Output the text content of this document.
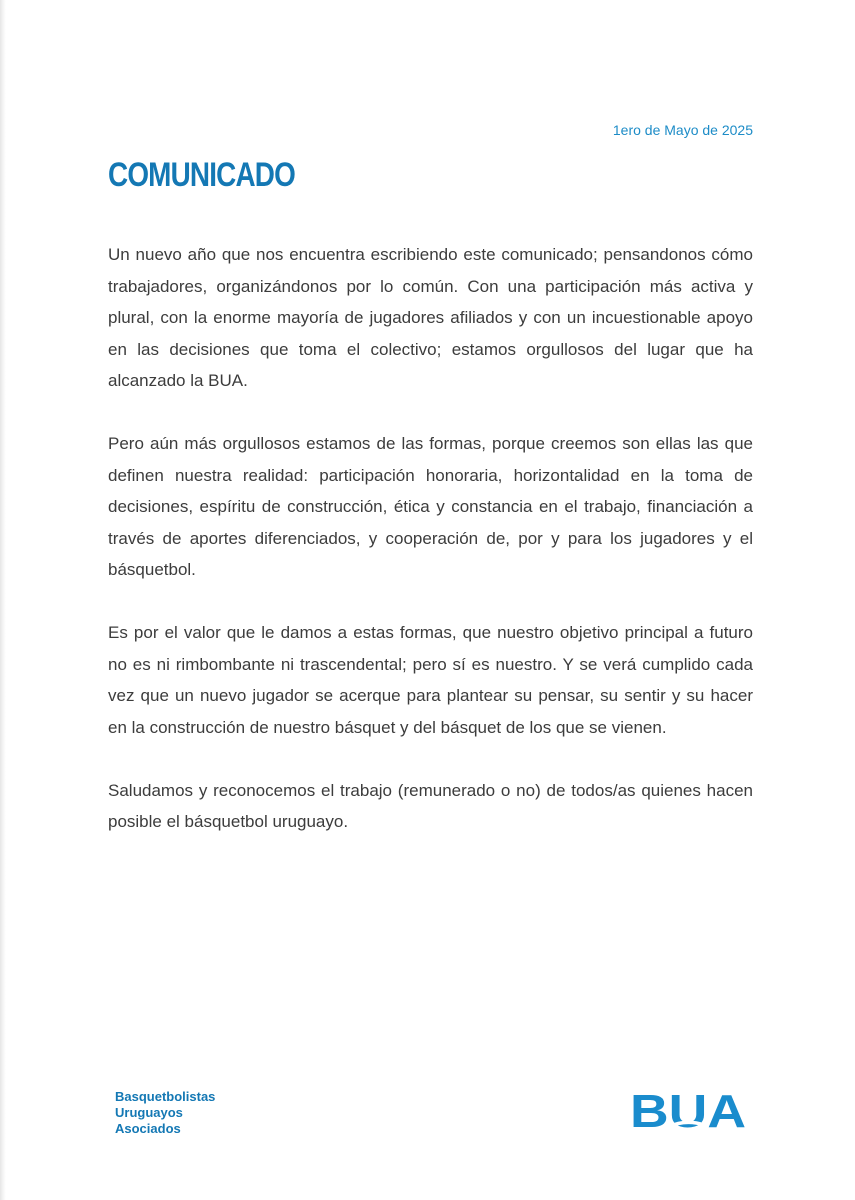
1ero de Mayo de 2025
COMUNICADO

Un nuevo año que nos encuentra escribiendo este comunicado; pensandonos cómo trabajadores, organizándonos por lo común. Con una participación más activa y plural, con la enorme mayoría de jugadores afiliados y con un incuestionable apoyo en las decisiones que toma el colectivo; estamos orgullosos del lugar que ha alcanzado la BUA.

Pero aún más orgullosos estamos de las formas, porque creemos son ellas las que definen nuestra realidad: participación honoraria, horizontalidad en la toma de decisiones, espíritu de construcción, ética y constancia en el trabajo, financiación a través de aportes diferenciados, y cooperación de, por y para los jugadores y el básquetbol.

Es por el valor que le damos a estas formas, que nuestro objetivo principal a futuro no es ni rimbombante ni trascendental; pero sí es nuestro. Y se verá cumplido cada vez que un nuevo jugador se acerque para plantear su pensar, su sentir y su hacer en la construcción de nuestro básquet y del básquet de los que se vienen.

Saludamos y reconocemos el trabajo (remunerado o no) de todos/as quienes hacen posible el básquetbol uruguayo.

Basquetbolistas
Uruguayos
Asociados	BUA
